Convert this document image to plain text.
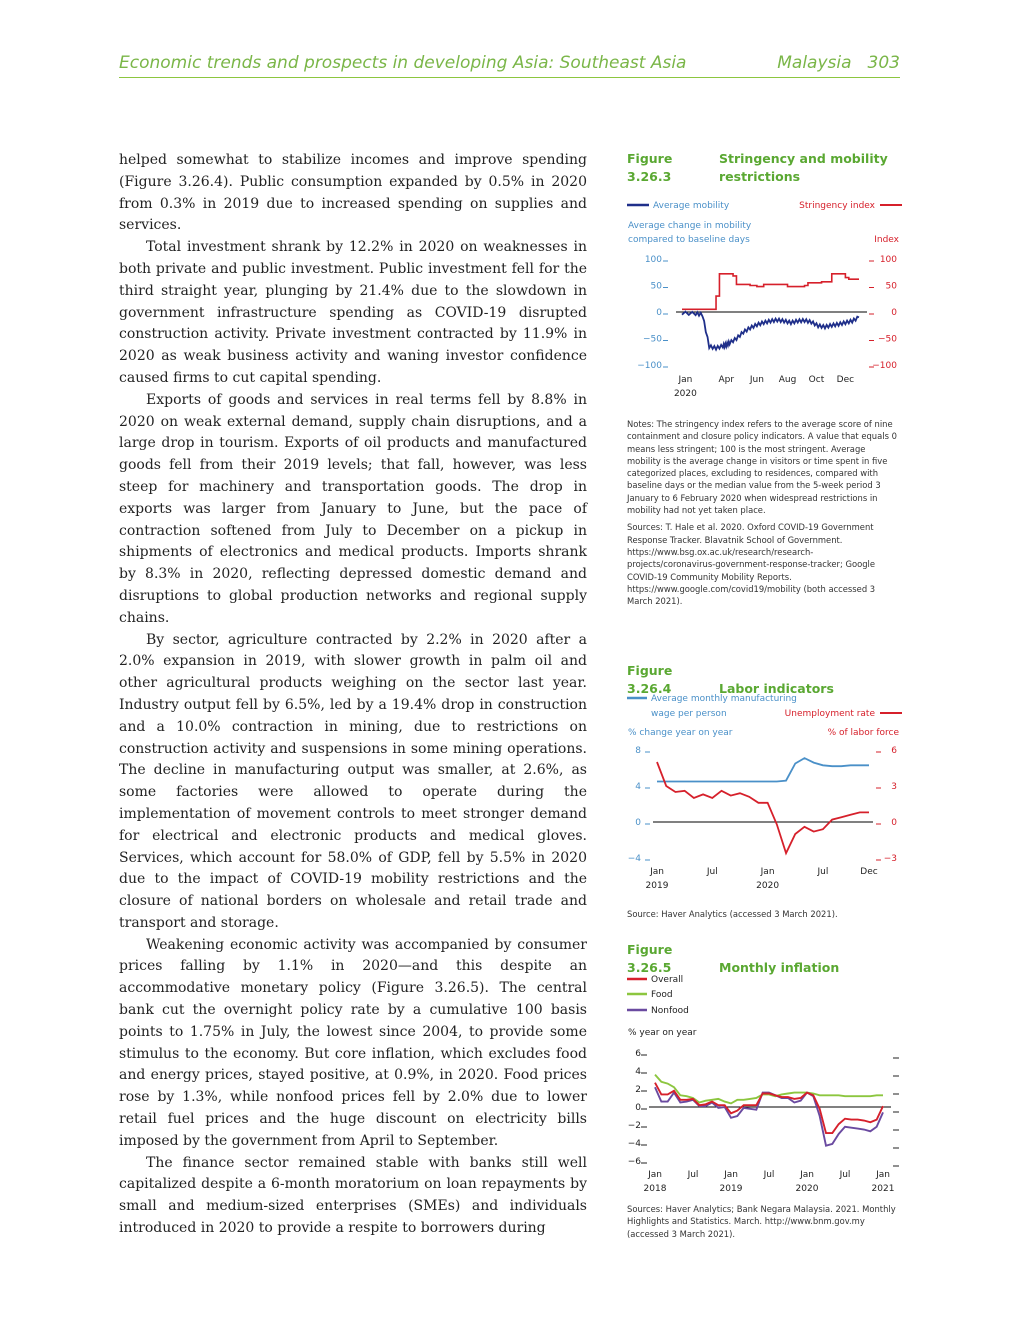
Economic trends and prospects in developing Asia: Southeast Asia	Malaysia 303

helped somewhat to stabilize incomes and improve spending (Figure 3.26.4). Public consumption expanded by 0.5% in 2020 from 0.3% in 2019 due to increased spending on supplies and services.

Total investment shrank by 12.2% in 2020 on weaknesses in both private and public investment. Public investment fell for the third straight year, plunging by 21.4% due to the slowdown in government infrastructure spending as COVID-19 disrupted construction activity. Private investment contracted by 11.9% in 2020 as weak business activity and waning investor confidence caused firms to cut capital spending.

Exports of goods and services in real terms fell by 8.8% in 2020 on weak external demand, supply chain disruptions, and a large drop in tourism. Exports of oil products and manufactured goods fell from their 2019 levels; that fall, however, was less steep for machinery and transportation goods. The drop in exports was larger from January to June, but the pace of contraction softened from July to December on a pickup in shipments of electronics and medical products. Imports shrank by 8.3% in 2020, reflecting depressed domestic demand and disruptions to global production networks and regional supply chains.

By sector, agriculture contracted by 2.2% in 2020 after a 2.0% expansion in 2019, with slower growth in palm oil and other agricultural products weighing on the sector last year. Industry output fell by 6.5%, led by a 19.4% drop in construction and a 10.0% contraction in mining, due to restrictions on construction activity and suspensions in some mining operations. The decline in manufacturing output was smaller, at 2.6%, as some factories were allowed to operate during the implementation of movement controls to meet stronger demand for electrical and electronic products and medical gloves. Services, which account for 58.0% of GDP, fell by 5.5% in 2020 due to the impact of COVID-19 mobility restrictions and the closure of national borders on wholesale and retail trade and transport and storage.

Weakening economic activity was accompanied by consumer prices falling by 1.1% in 2020—and this despite an accommodative monetary policy (Figure 3.26.5). The central bank cut the overnight policy rate by a cumulative 100 basis points to 1.75% in July, the lowest since 2004, to provide some stimulus to the economy. But core inflation, which excludes food and energy prices, stayed positive, at 0.9%, in 2020. Food prices rose by 1.3%, while nonfood prices fell by 2.0% due to lower retail fuel prices and the huge discount on electricity bills imposed by the government from April to September.

The finance sector remained stable with banks still well capitalized despite a 6-month moratorium on loan repayments by small and medium-sized enterprises (SMEs) and individuals introduced in 2020 to provide a respite to borrowers during

Figure 3.26.3
Stringency and mobility restrictions
Average mobility	Stringency index
Average change in mobility
compared to baseline days	Index
100	100
50	50
0	0
−50	−50
−100	−100
Jan	Apr Jun Aug Oct Dec
2020

Notes: The stringency index refers to the average score of nine containment and closure policy indicators. A value that equals 0 means less stringent; 100 is the most stringent. Average mobility is the average change in visitors or time spent in five categorized places, excluding to residences, compared with baseline days or the median value from the 5-week period 3 January to 6 February 2020 when widespread restrictions in mobility had not yet taken place.

Sources: T. Hale et al. 2020. Oxford COVID-19 Government Response Tracker. Blavatnik School of Government. https://www.bsg.ox.ac.uk/research/research-projects/coronavirus-government-response-tracker; Google COVID-19 Community Mobility Reports. https://www.google.com/covid19/mobility (both accessed 3 March 2021).

Figure 3.26.4	Labor indicators
Average monthly manufacturing
wage per person	Unemployment rate
% change year on year	% of labor force
8	6
4	3
0	0
−4	−3
Jan	Jul	Jan	Jul	Dec
2019	2020

Source: Haver Analytics (accessed 3 March 2021).

Figure 3.26.5	Monthly inflation
Overall
Food
Nonfood
% year on year
6
4
2
0
−2
−4
−6
Jan	Jul	Jan	Jul	Jan	Jul	Jan
2018	2019	2020	2021

Sources: Haver Analytics; Bank Negara Malaysia. 2021. Monthly Highlights and Statistics. March. http://www.bnm.gov.my (accessed 3 March 2021).
